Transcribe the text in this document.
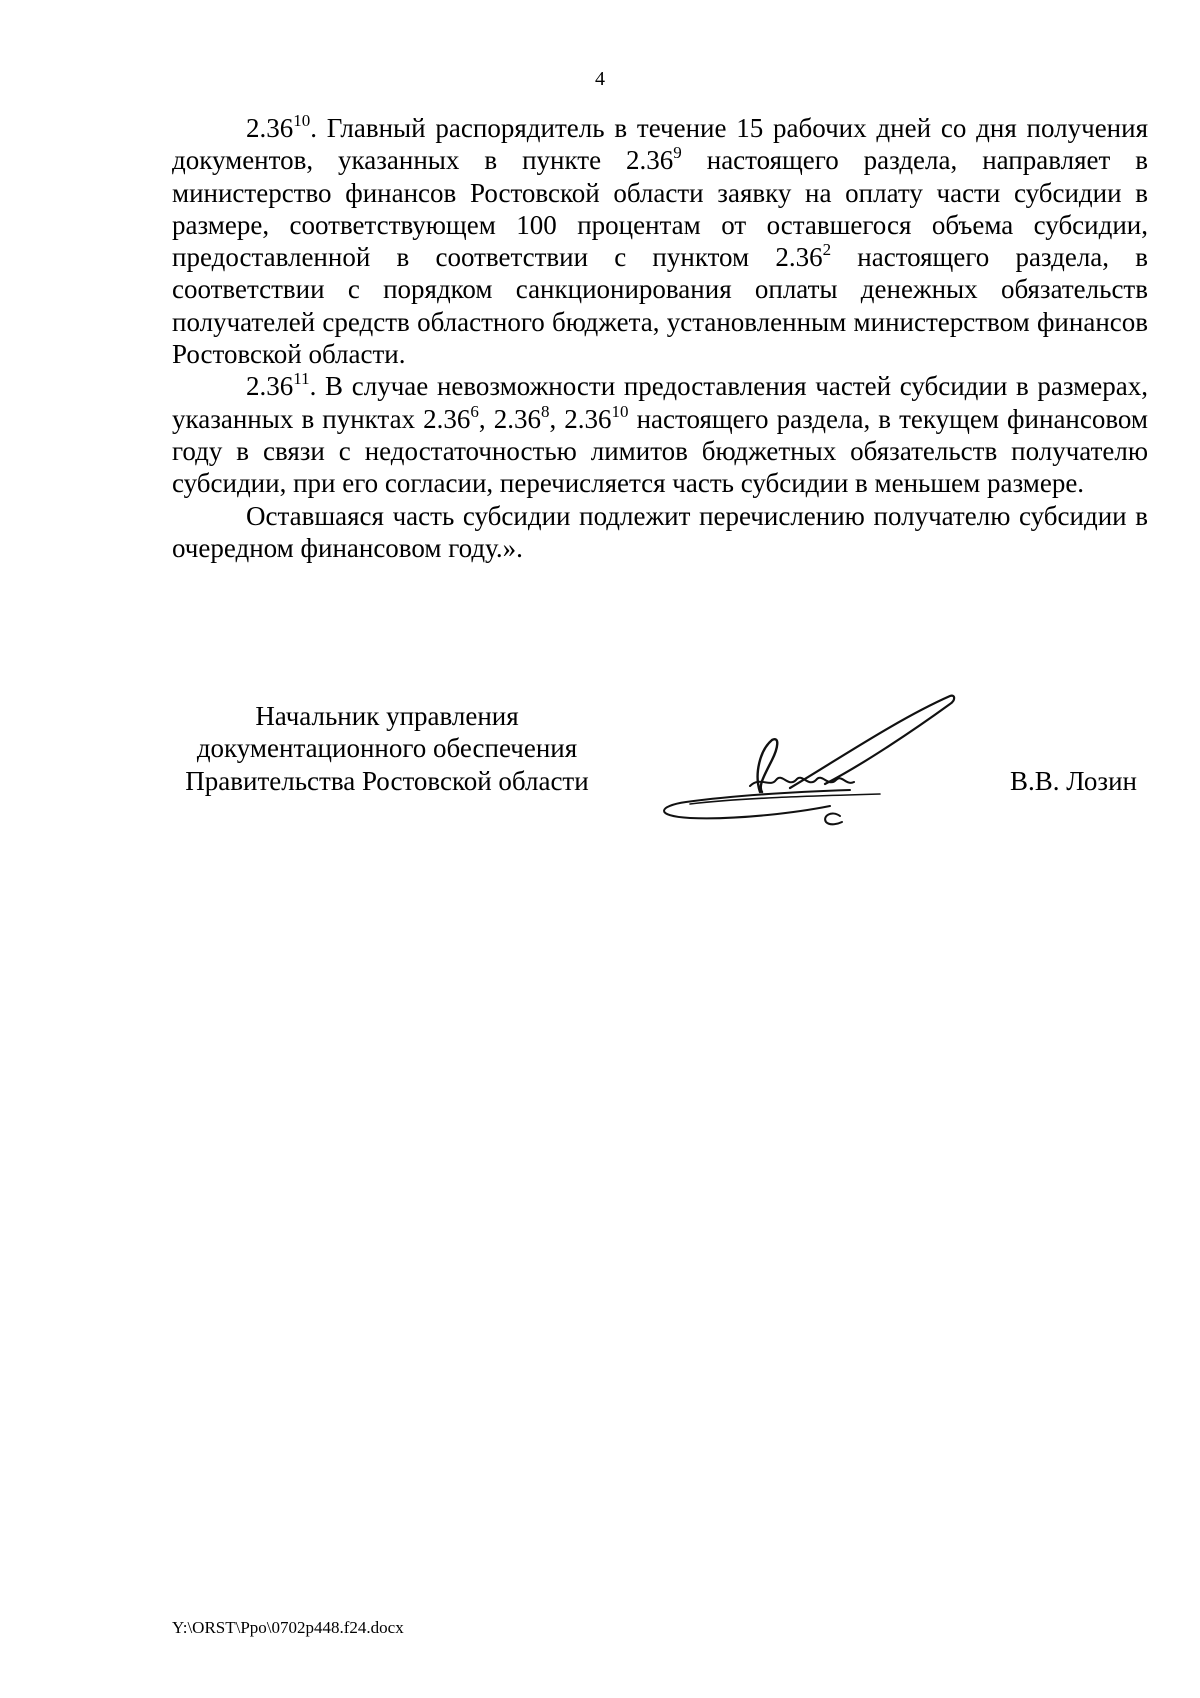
4

2.36$^{10}$. Главный распорядитель в течение 15 рабочих дней со дня получения документов, указанных в пункте 2.36$^9$ настоящего раздела, направляет в министерство финансов Ростовской области заявку на оплату части субсидии в размере, соответствующем 100 процентам от оставшегося объема субсидии, предоставленной в соответствии с пунктом 2.36$^2$ настоящего раздела, в соответствии с порядком санкционирования оплаты денежных обязательств получателей средств областного бюджета, установленным министерством финансов Ростовской области.

2.36$^{11}$. В случае невозможности предоставления частей субсидии в размерах, указанных в пунктах 2.36$^6$, 2.36$^8$, 2.36$^{10}$ настоящего раздела, в текущем финансовом году в связи с недостаточностью лимитов бюджетных обязательств получателю субсидии, при его согласии, перечисляется часть субсидии в меньшем размере.

Оставшаяся часть субсидии подлежит перечислению получателю субсидии в очередном финансовом году.».

Начальник управления
документационного обеспечения
Правительства Ростовской области	В.В. Лозин
Y:\ORST\Ppo\0702p448.f24.docx
